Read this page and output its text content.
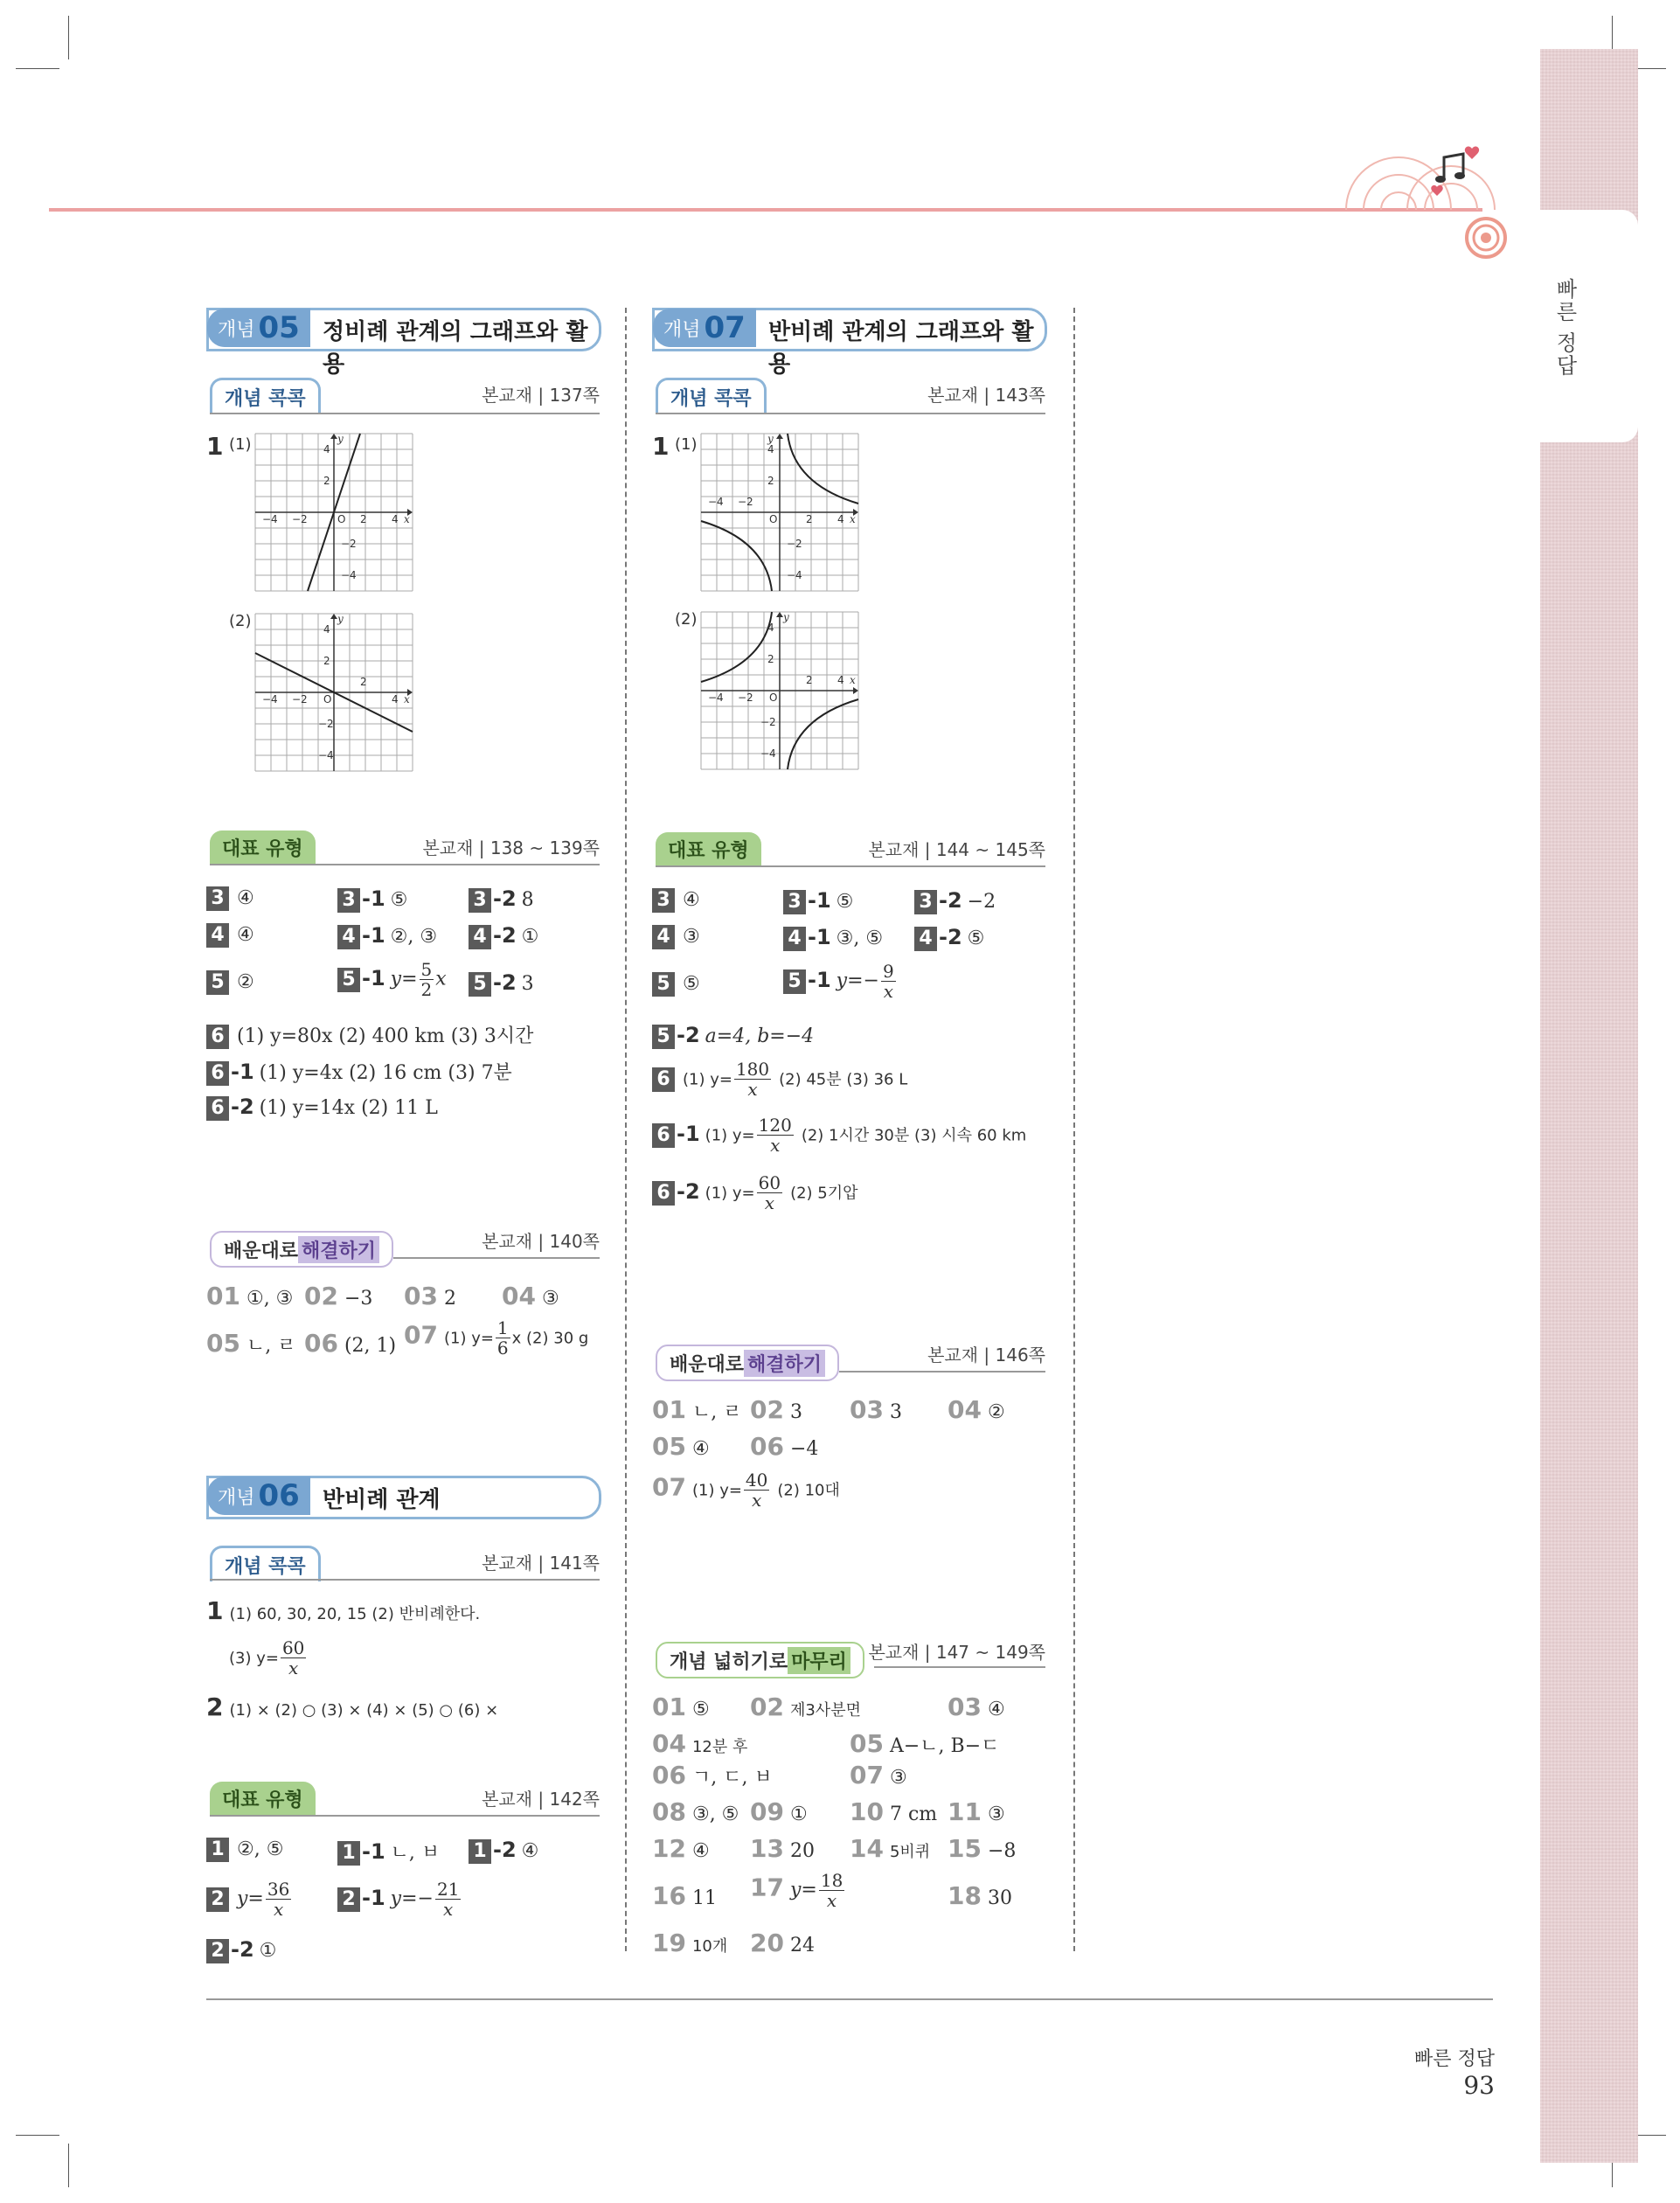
빠른 정답
개념 05 정비례 관계의 그래프와 활용
개념 콕콕	본교재 | 137쪽
1 (1)
(2)
y
x
4
2
O 2 4
−4 −2
−2
−4
y
x
4
2
O
2
4
−4 −2
−2
−4
대표 유형	본교재 | 138 ~ 139쪽
3 ④	3 -1 ⑤	3 -2 8
4 ④	4 -1 ②, ③ 4 -2 ①
5 ②	5 -1 $y= \frac{5}{2}$ x 5 -2 3
6 (1) y=80x (2) 400 km (3) 3시간
6 -1 (1) y=4x (2) 16 cm (3) 7분
6 -2 (1) y=14x (2) 11 L
배운대로 해결하기	본교재 | 140쪽
01 ①, ③ 02 −3 03 2 04 ③
05 ㄴ, ㄹ 06 (2, 1) 07 (1) $y= \frac{1}{6}$ x (2) 30 g
개념 06 반비례 관계
개념 콕콕	본교재 | 141쪽
1 (1) 60, 30, 20, 15 (2) 반비례한다.
(3) $y= \frac{60}{x}$
2 (1) × (2) ○ (3) × (4) × (5) ○ (6) ×
대표 유형	본교재 | 142쪽
1 ②, ⑤	1 -1 ㄴ, ㅂ 1 -2 ④
2 $y= \frac{36}{x}$	2 -1 $y=- \frac{21}{x}$
2 -2 ①
개념 07 반비례 관계의 그래프와 활용
개념 콕콕	본교재 | 143쪽
1 (1)
(2)
y
x
4
2
O	2 4
−4 −2
−2
−4
y
x
4
2
O
2 4
−4 −2
−2
−4
대표 유형	본교재 | 144 ~ 145쪽
3 ④	3 -1 ⑤	3 -2 −2
4 ③	4 -1 ③, ⑤ 4 -2 ⑤
5 ⑤	5 -1 $y=- \frac{9}{x}$
5 -2 a=4, b=−4
6 (1) $y= \frac{180}{x} (2)$ 45분 (3) 36 L
6 -1 (1) $y= \frac{120}{x} (2)$ 1시간 30분 (3) 시속 60 km
6 -2 (1) $y= \frac{60}{x} (2)$ 5기압
배운대로 해결하기	본교재 | 146쪽
01 ㄴ, ㄹ 02 3 03 3 04 ②
05 ④ 06 −4
07 (1) $y= \frac{40}{x} (2)$ 10대
개념 넓히기로 마무리	본교재 | 147 ~ 149쪽
01 ⑤ 02 제3사분면	03 ④
04 12분 후	05 A−ㄴ, B−ㄷ
06 ㄱ, ㄷ, ㅂ	07 ③
08 ③, ⑤ 09 ① 10 7 cm 11 ③
12 ④ 13 20 14 5비퀴 15 −8
16 11 17 $y= \frac{18}{x}$	18 30
19 10개 20 24
빠른 정답 93
